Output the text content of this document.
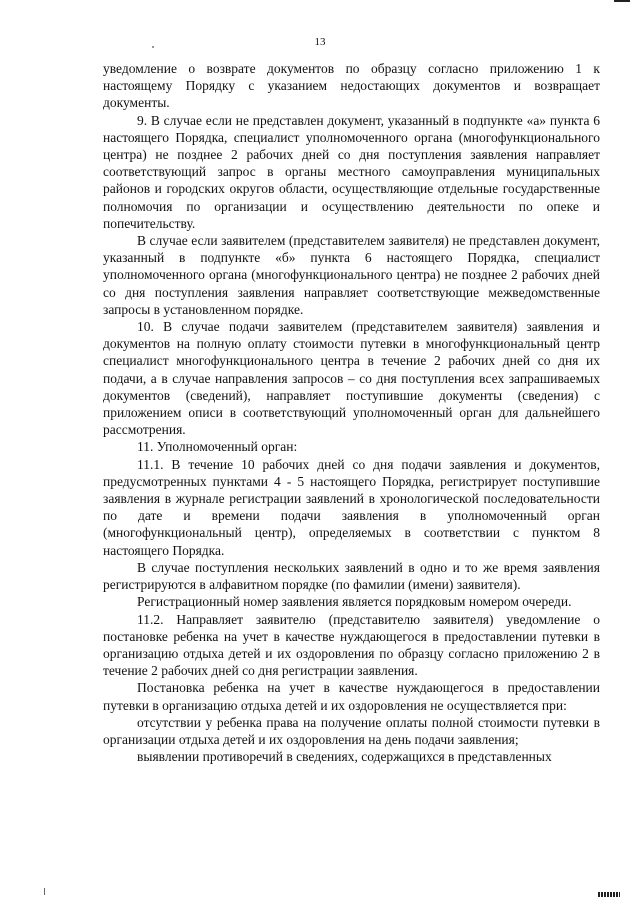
13

уведомление о возврате документов по образцу согласно приложению 1 к настоящему Порядку с указанием недостающих документов и возвращает документы.

9. В случае если не представлен документ, указанный в подпункте «а» пункта 6 настоящего Порядка, специалист уполномоченного органа (многофункционального центра) не позднее 2 рабочих дней со дня поступления заявления направляет соответствующий запрос в органы местного самоуправления муниципальных районов и городских округов области, осуществляющие отдельные государственные полномочия по организации и осуществлению деятельности по опеке и попечительству.

В случае если заявителем (представителем заявителя) не представлен документ, указанный в подпункте «б» пункта 6 настоящего Порядка, специалист уполномоченного органа (многофункционального центра) не позднее 2 рабочих дней со дня поступления заявления направляет соответствующие межведомственные запросы в установленном порядке.

10. В случае подачи заявителем (представителем заявителя) заявления и документов на полную оплату стоимости путевки в многофункциональный центр специалист многофункционального центра в течение 2 рабочих дней со дня их подачи, а в случае направления запросов – со дня поступления всех запрашиваемых документов (сведений), направляет поступившие документы (сведения) с приложением описи в соответствующий уполномоченный орган для дальнейшего рассмотрения.

11. Уполномоченный орган:

11.1. В течение 10 рабочих дней со дня подачи заявления и документов, предусмотренных пунктами 4 - 5 настоящего Порядка, регистрирует поступившие заявления в журнале регистрации заявлений в хронологической последовательности по дате и времени подачи заявления в уполномоченный орган (многофункциональный центр), определяемых в соответствии с пунктом 8 настоящего Порядка.

В случае поступления нескольких заявлений в одно и то же время заявления регистрируются в алфавитном порядке (по фамилии (имени) заявителя).

Регистрационный номер заявления является порядковым номером очереди.

11.2. Направляет заявителю (представителю заявителя) уведомление о постановке ребенка на учет в качестве нуждающегося в предоставлении путевки в организацию отдыха детей и их оздоровления по образцу согласно приложению 2 в течение 2 рабочих дней со дня регистрации заявления.

Постановка ребенка на учет в качестве нуждающегося в предоставлении путевки в организацию отдыха детей и их оздоровления не осуществляется при:

отсутствии у ребенка права на получение оплаты полной стоимости путевки в организации отдыха детей и их оздоровления на день подачи заявления;

выявлении противоречий в сведениях, содержащихся в представленных
